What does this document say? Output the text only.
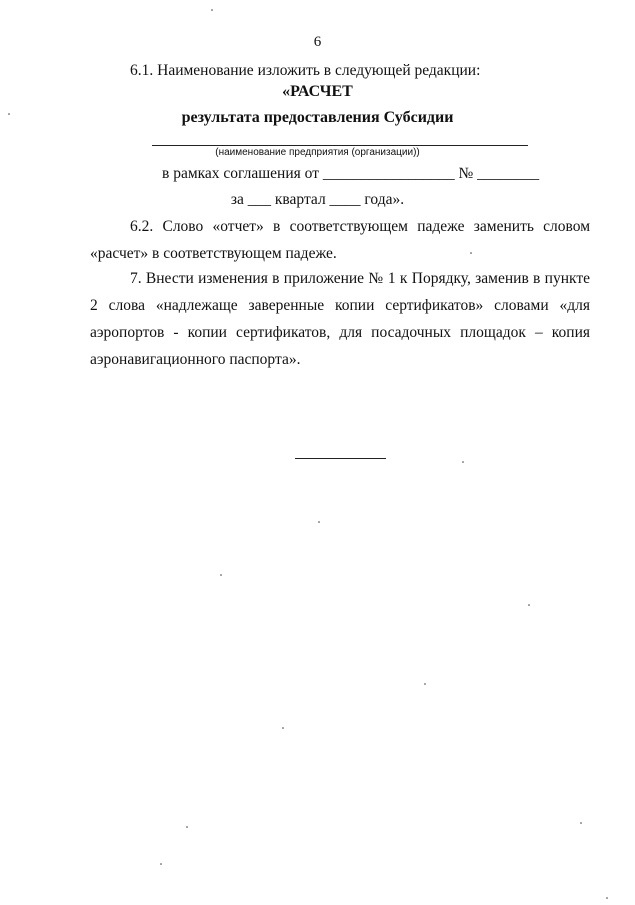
6
6.1. Наименование изложить в следующей редакции:
«РАСЧЕТ
результата предоставления Субсидии
(наименование предприятия (организации))
в рамках соглашения от _________________ № ________
за ___ квартал ____ года».
6.2. Слово «отчет» в соответствующем падеже заменить словом «расчет» в соответствующем падеже.
7. Внести изменения в приложение № 1 к Порядку, заменив в пункте 2 слова «надлежаще заверенные копии сертификатов» словами «для аэропортов - копии сертификатов, для посадочных площадок – копия аэронавигационного паспорта».
